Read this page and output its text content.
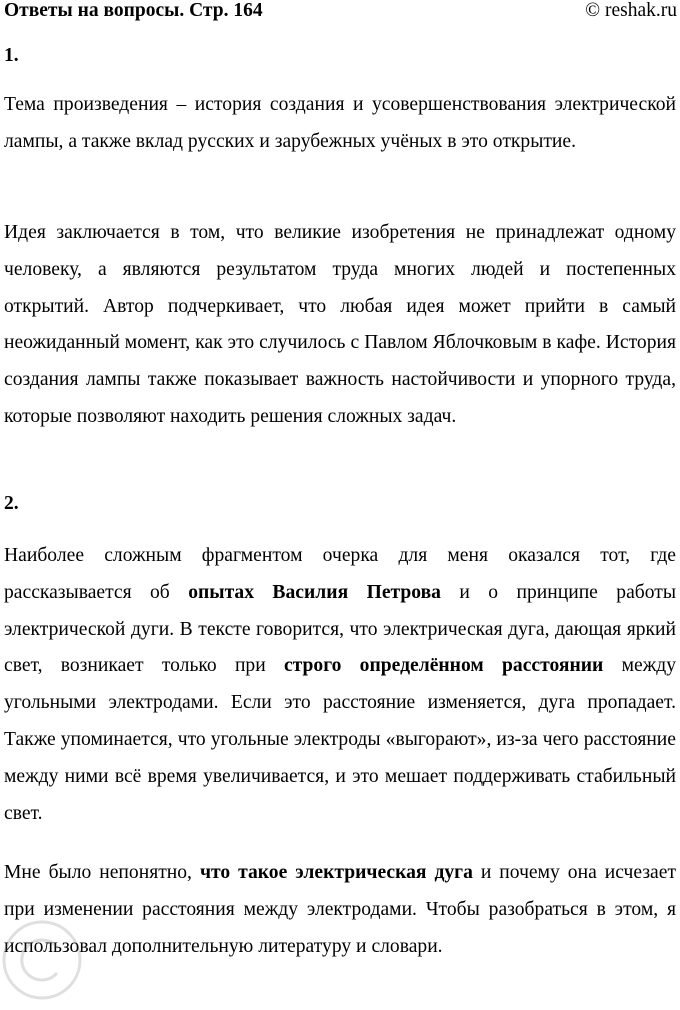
Ответы на вопросы. Стр. 164	© reshak.ru
1.

Тема произведения – история создания и усовершенствования электрической лампы, а также вклад русских и зарубежных учёных в это открытие.

Идея заключается в том, что великие изобретения не принадлежат одному человеку, а являются результатом труда многих людей и постепенных открытий. Автор подчеркивает, что любая идея может прийти в самый неожиданный момент, как это случилось с Павлом Яблочковым в кафе. История создания лампы также показывает важность настойчивости и упорного труда, которые позволяют находить решения сложных задач.

2.

Наиболее сложным фрагментом очерка для меня оказался тот, где рассказывается об опытах Василия Петрова и о принципе работы электрической дуги. В тексте говорится, что электрическая дуга, дающая яркий свет, возникает только при строго определённом расстоянии между угольными электродами. Если это расстояние изменяется, дуга пропадает. Также упоминается, что угольные электроды «выгорают», из-за чего расстояние между ними всё время увеличивается, и это мешает поддерживать стабильный свет.

Мне было непонятно, что такое электрическая дуга и почему она исчезает при изменении расстояния между электродами. Чтобы разобраться в этом, я использовал дополнительную литературу и словари.
